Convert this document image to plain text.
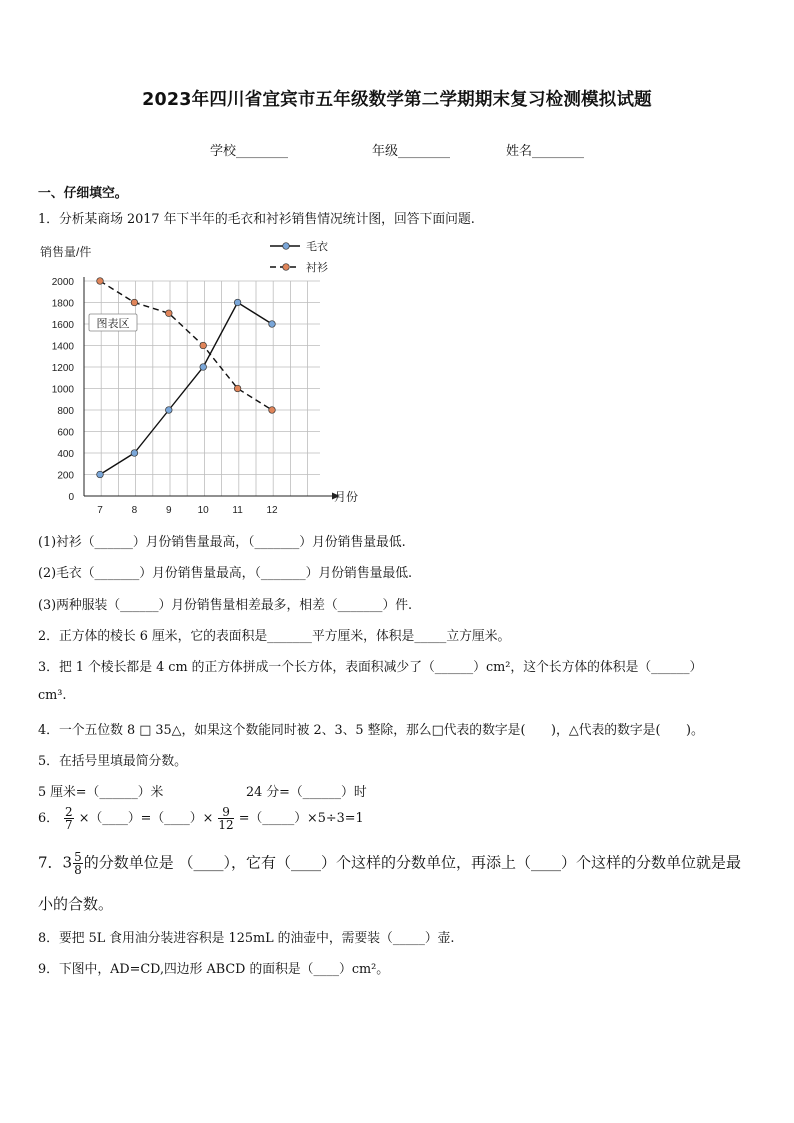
2023年四川省宜宾市五年级数学第二学期期末复习检测模拟试题
学校________	年级________	姓名________
一、仔细填空。
1．分析某商场 2017 年下半年的毛衣和衬衫销售情况统计图，回答下面问题.
0
200
400
600
800
1000
1200
1400
1600
1800
2000
7	8	9	10 11 12
销售量/件
月份
图表区
毛衣
衬衫
(1)衬衫（______）月份销售量最高，（_______）月份销售量最低.
(2)毛衣（_______）月份销售量最高，（_______）月份销售量最低.
(3)两种服装（______）月份销售量相差最多，相差（_______）件.
2．正方体的棱长 6 厘米，它的表面积是_______平方厘米，体积是_____立方厘米。
3．把 1 个棱长都是 4 cm 的正方体拼成一个长方体，表面积减少了（______）cm²，这个长方体的体积是（______）
cm³.
4．一个五位数 8 □ 35△，如果这个数能同时被 2、3、5 整除，那么□代表的数字是(　　)，△代表的数字是(　　)。
5．在括号里填最简分数。
5 厘米=（______）米	24 分=（______）时
6． $\frac{2}{7}$ ×（____）=（____）× $\frac{9}{12}$ =（_____）×5÷3=1
7．$3 \frac{5}{8}$ 的分数单位是 （____），它有（____）个这样的分数单位，再添上（____）个这样的分数单位就是最
小的合数。
8．要把 5L 食用油分装进容积是 125mL 的油壶中，需要装（_____）壶.
9．下图中，AD=CD,四边形 ABCD 的面积是（____）cm²。
